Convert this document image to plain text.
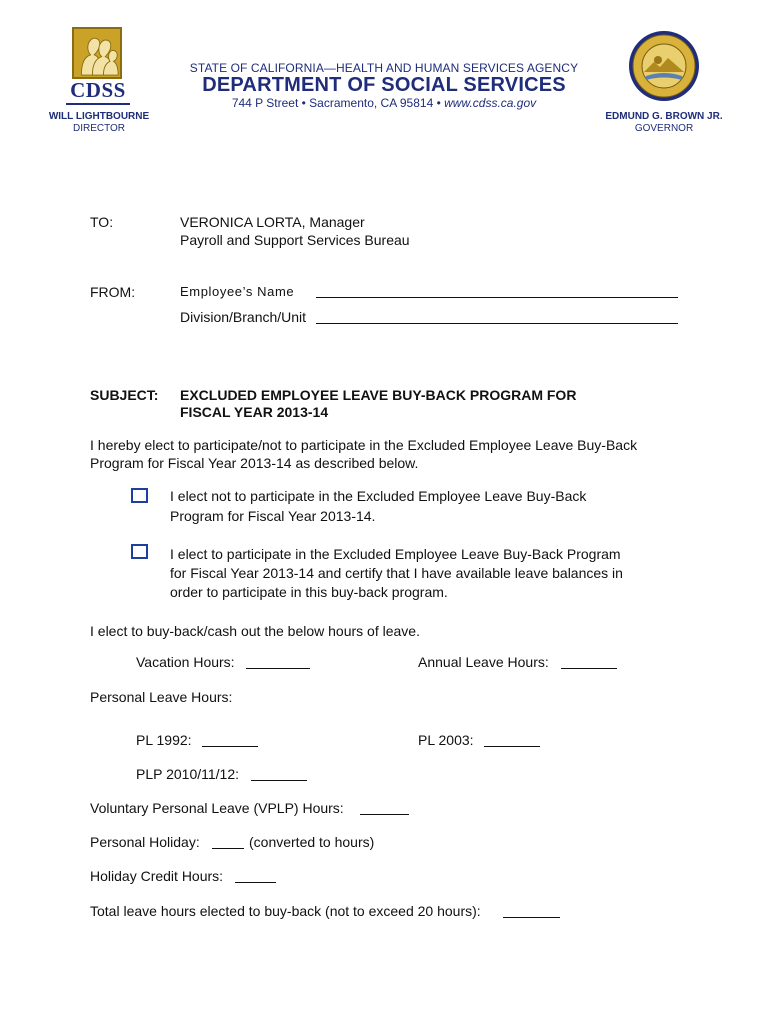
CDSS
WILL LIGHTBOURNE
DIRECTOR
STATE OF CALIFORNIA—HEALTH AND HUMAN SERVICES AGENCY
DEPARTMENT OF SOCIAL SERVICES
744 P Street • Sacramento, CA 95814 • www.cdss.ca.gov
EDMUND G. BROWN JR.
GOVERNOR
TO:	VERONICA LORTA, Manager
Payroll and Support Services Bureau
FROM:	Employee’s Name
Division/Branch/Unit
SUBJECT: EXCLUDED EMPLOYEE LEAVE BUY-BACK PROGRAM FOR
FISCAL YEAR 2013-14
I hereby elect to participate/not to participate in the Excluded Employee Leave Buy-Back
Program for Fiscal Year 2013-14 as described below.
I elect not to participate in the Excluded Employee Leave Buy-Back
Program for Fiscal Year 2013-14.
I elect to participate in the Excluded Employee Leave Buy-Back Program
for Fiscal Year 2013-14 and certify that I have available leave balances in
order to participate in this buy-back program.
I elect to buy-back/cash out the below hours of leave.
Vacation Hours:	Annual Leave Hours:
Personal Leave Hours:
PL 1992:	PL 2003:
PLP 2010/11/12:
Voluntary Personal Leave (VPLP) Hours:
Personal Holiday:	(converted to hours)
Holiday Credit Hours:
Total leave hours elected to buy-back (not to exceed 20 hours):
